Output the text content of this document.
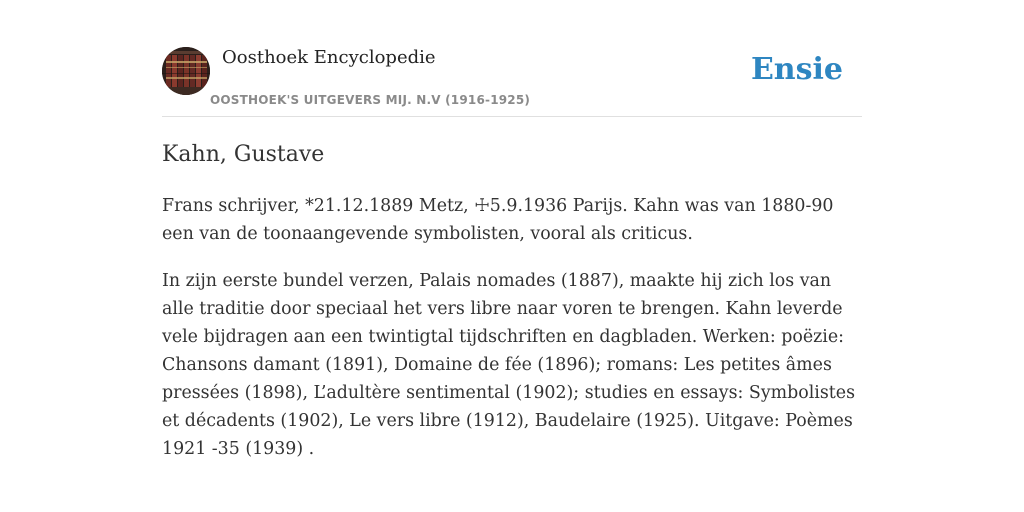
Oosthoek Encyclopedie
OOSTHOEK'S UITGEVERS MIJ. N.V (1916-1925)
Ensie
Kahn, Gustave

Frans schrijver, *21.12.1889 Metz, ☩5.9.1936 Parijs. Kahn was van 1880-90 een van de toonaangevende symbolisten, vooral als criticus.

In zijn eerste bundel verzen, Palais nomades (1887), maakte hij zich los van alle traditie door speciaal het vers libre naar voren te brengen. Kahn leverde vele bijdragen aan een twintigtal tijdschriften en dagbladen. Werken: poëzie: Chansons damant (1891), Domaine de fée (1896); romans: Les petites âmes pressées (1898), L’adultère sentimental (1902); studies en essays: Symbolistes et décadents (1902), Le vers libre (1912), Baudelaire (1925). Uitgave: Poèmes 1921 -35 (1939) .
